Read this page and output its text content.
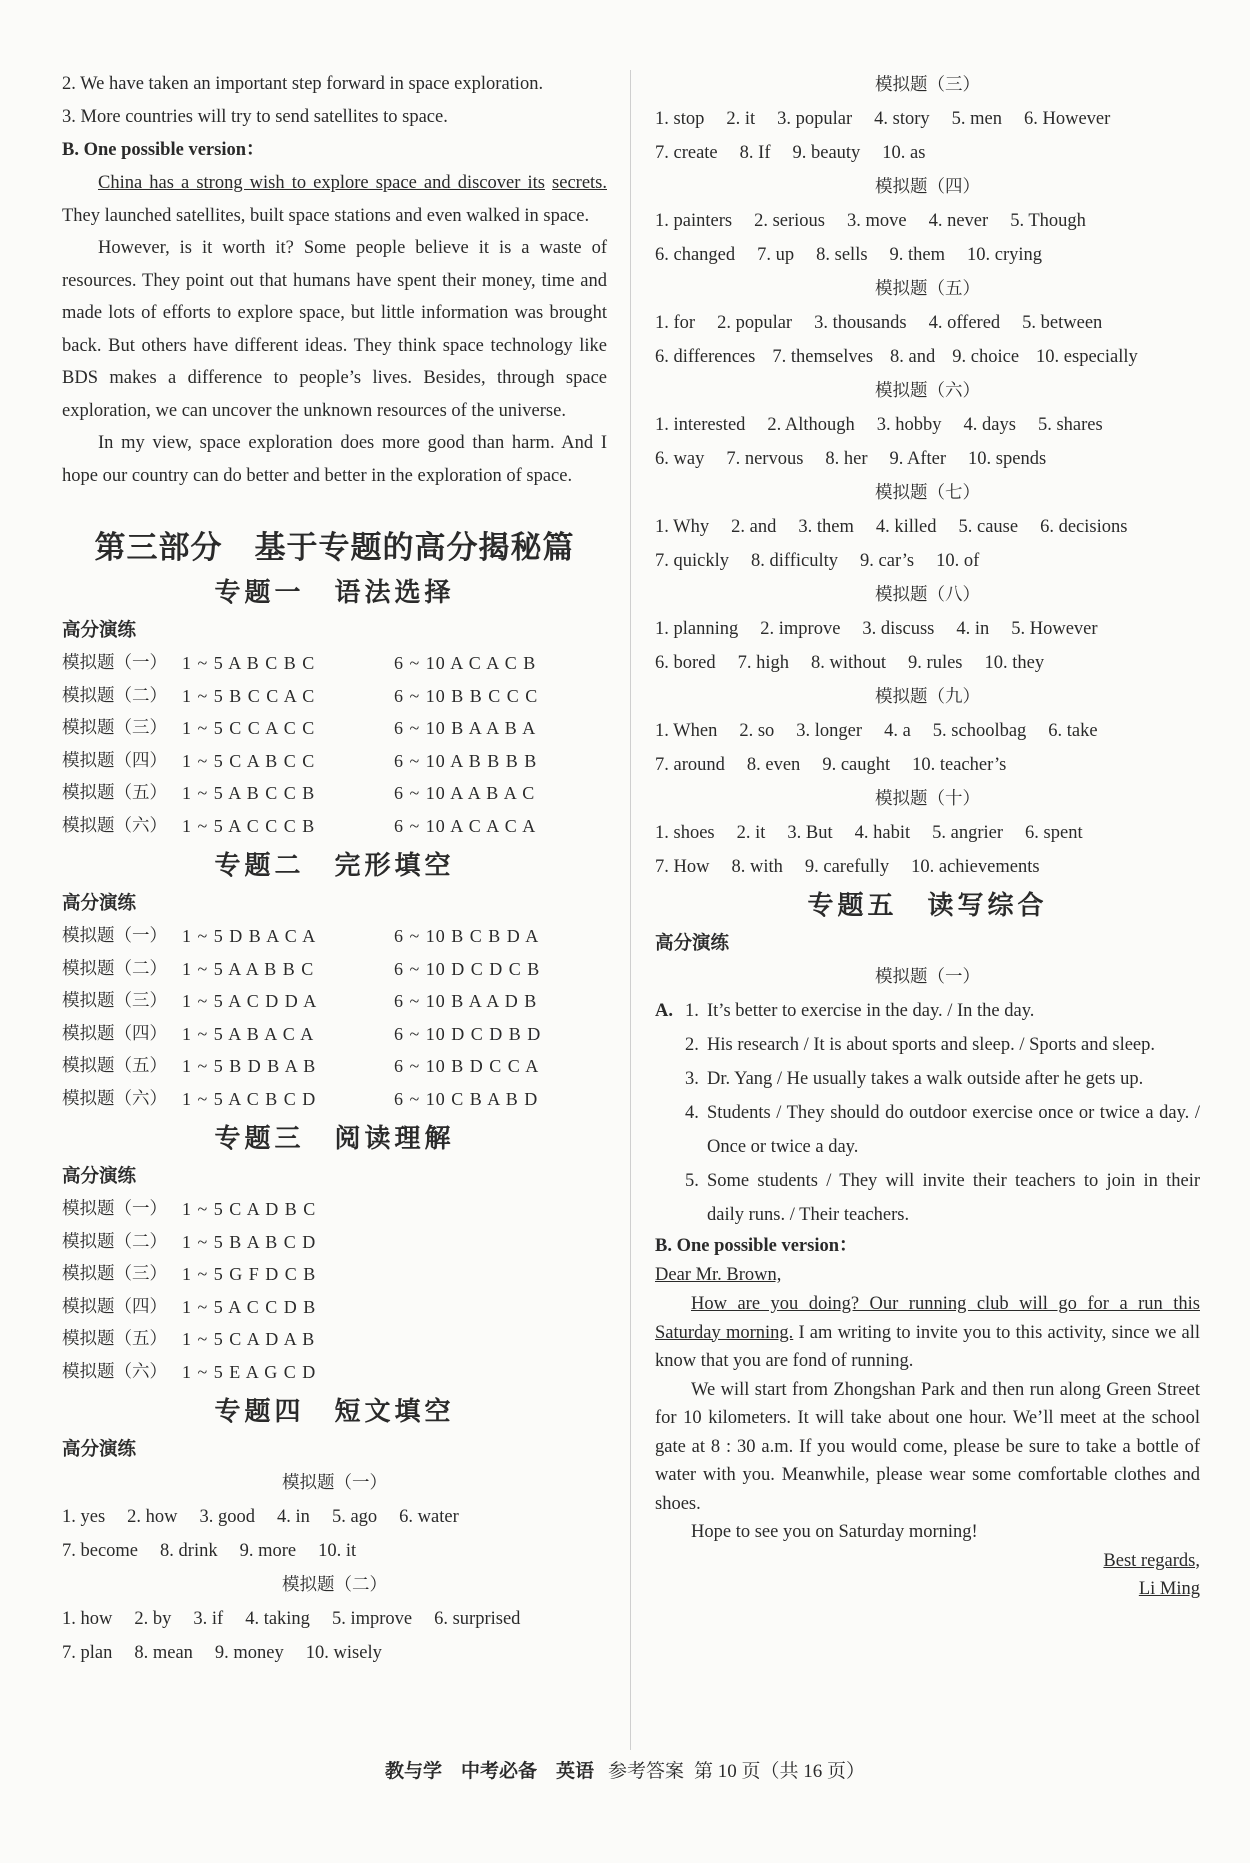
2. We have taken an important step forward in space exploration.
3. More countries will try to send satellites to space.
B. One possible version：
China has a strong wish to explore space and discover its secrets. They launched satellites, built space stations and even walked in space.
However, is it worth it? Some people believe it is a waste of resources. They point out that humans have spent their money, time and made lots of efforts to explore space, but little information was brought back. But others have different ideas. They think space technology like BDS makes a difference to people’s lives. Besides, through space exploration, we can uncover the unknown resources of the universe.
In my view, space exploration does more good than harm. And I hope our country can do better and better in the exploration of space.
第三部分　基于专题的高分揭秘篇
专题一　语法选择
高分演练
模拟题（一） 1 ~ 5 A B C B C	6 ~ 10 A C A C B
模拟题（二） 1 ~ 5 B C C A C	6 ~ 10 B B C C C
模拟题（三） 1 ~ 5 C C A C C	6 ~ 10 B A A B A
模拟题（四） 1 ~ 5 C A B C C	6 ~ 10 A B B B B
模拟题（五） 1 ~ 5 A B C C B	6 ~ 10 A A B A C
模拟题（六） 1 ~ 5 A C C C B	6 ~ 10 A C A C A
专题二　完形填空
高分演练
模拟题（一） 1 ~ 5 D B A C A	6 ~ 10 B C B D A
模拟题（二） 1 ~ 5 A A B B C	6 ~ 10 D C D C B
模拟题（三） 1 ~ 5 A C D D A	6 ~ 10 B A A D B
模拟题（四） 1 ~ 5 A B A C A	6 ~ 10 D C D B D
模拟题（五） 1 ~ 5 B D B A B	6 ~ 10 B D C C A
模拟题（六） 1 ~ 5 A C B C D	6 ~ 10 C B A B D
专题三　阅读理解
高分演练
模拟题（一） 1 ~ 5 C A D B C
模拟题（二） 1 ~ 5 B A B C D
模拟题（三） 1 ~ 5 G F D C B
模拟题（四） 1 ~ 5 A C C D B
模拟题（五） 1 ~ 5 C A D A B
模拟题（六） 1 ~ 5 E A G C D
专题四　短文填空
高分演练
模拟题（一）
1. yes 2. how 3. good 4. in 5. ago 6. water
7. become 8. drink 9. more 10. it
模拟题（二）
1. how 2. by 3. if 4. taking 5. improve 6. surprised
7. plan 8. mean 9. money 10. wisely
模拟题（三）
1. stop 2. it 3. popular 4. story 5. men 6. However
7. create 8. If 9. beauty 10. as
模拟题（四）
1. painters 2. serious 3. move 4. never 5. Though
6. changed 7. up 8. sells 9. them 10. crying
模拟题（五）
1. for 2. popular 3. thousands 4. offered 5. between
6. differences 7. themselves 8. and 9. choice 10. especially
模拟题（六）
1. interested 2. Although 3. hobby 4. days 5. shares
6. way 7. nervous 8. her 9. After 10. spends
模拟题（七）
1. Why 2. and 3. them 4. killed 5. cause 6. decisions
7. quickly 8. difficulty 9. car’s 10. of
模拟题（八）
1. planning 2. improve 3. discuss 4. in 5. However
6. bored 7. high 8. without 9. rules 10. they
模拟题（九）
1. When 2. so 3. longer 4. a 5. schoolbag 6. take
7. around 8. even 9. caught 10. teacher’s
模拟题（十）
1. shoes 2. it 3. But 4. habit 5. angrier 6. spent
7. How 8. with 9. carefully 10. achievements
专题五　读写综合
高分演练
模拟题（一）
A. 1. It’s better to exercise in the day. / In the day.
2. His research / It is about sports and sleep. / Sports and sleep.
3. Dr. Yang / He usually takes a walk outside after he gets up.
4. Students / They should do outdoor exercise once or twice a day. / Once or twice a day.
5. Some students / They will invite their teachers to join in their daily runs. / Their teachers.
B. One possible version：
Dear Mr. Brown,
How are you doing? Our running club will go for a run this Saturday morning. I am writing to invite you to this activity, since we all know that you are fond of running.
We will start from Zhongshan Park and then run along Green Street for 10 kilometers. It will take about one hour. We’ll meet at the school gate at 8 : 30 a.m. If you would come, please be sure to take a bottle of water with you. Meanwhile, please wear some comfortable clothes and shoes.
Hope to see you on Saturday morning!
Best regards,
Li Ming
教与学　中考必备　英语 参考答案 第 10 页（共 16 页）
